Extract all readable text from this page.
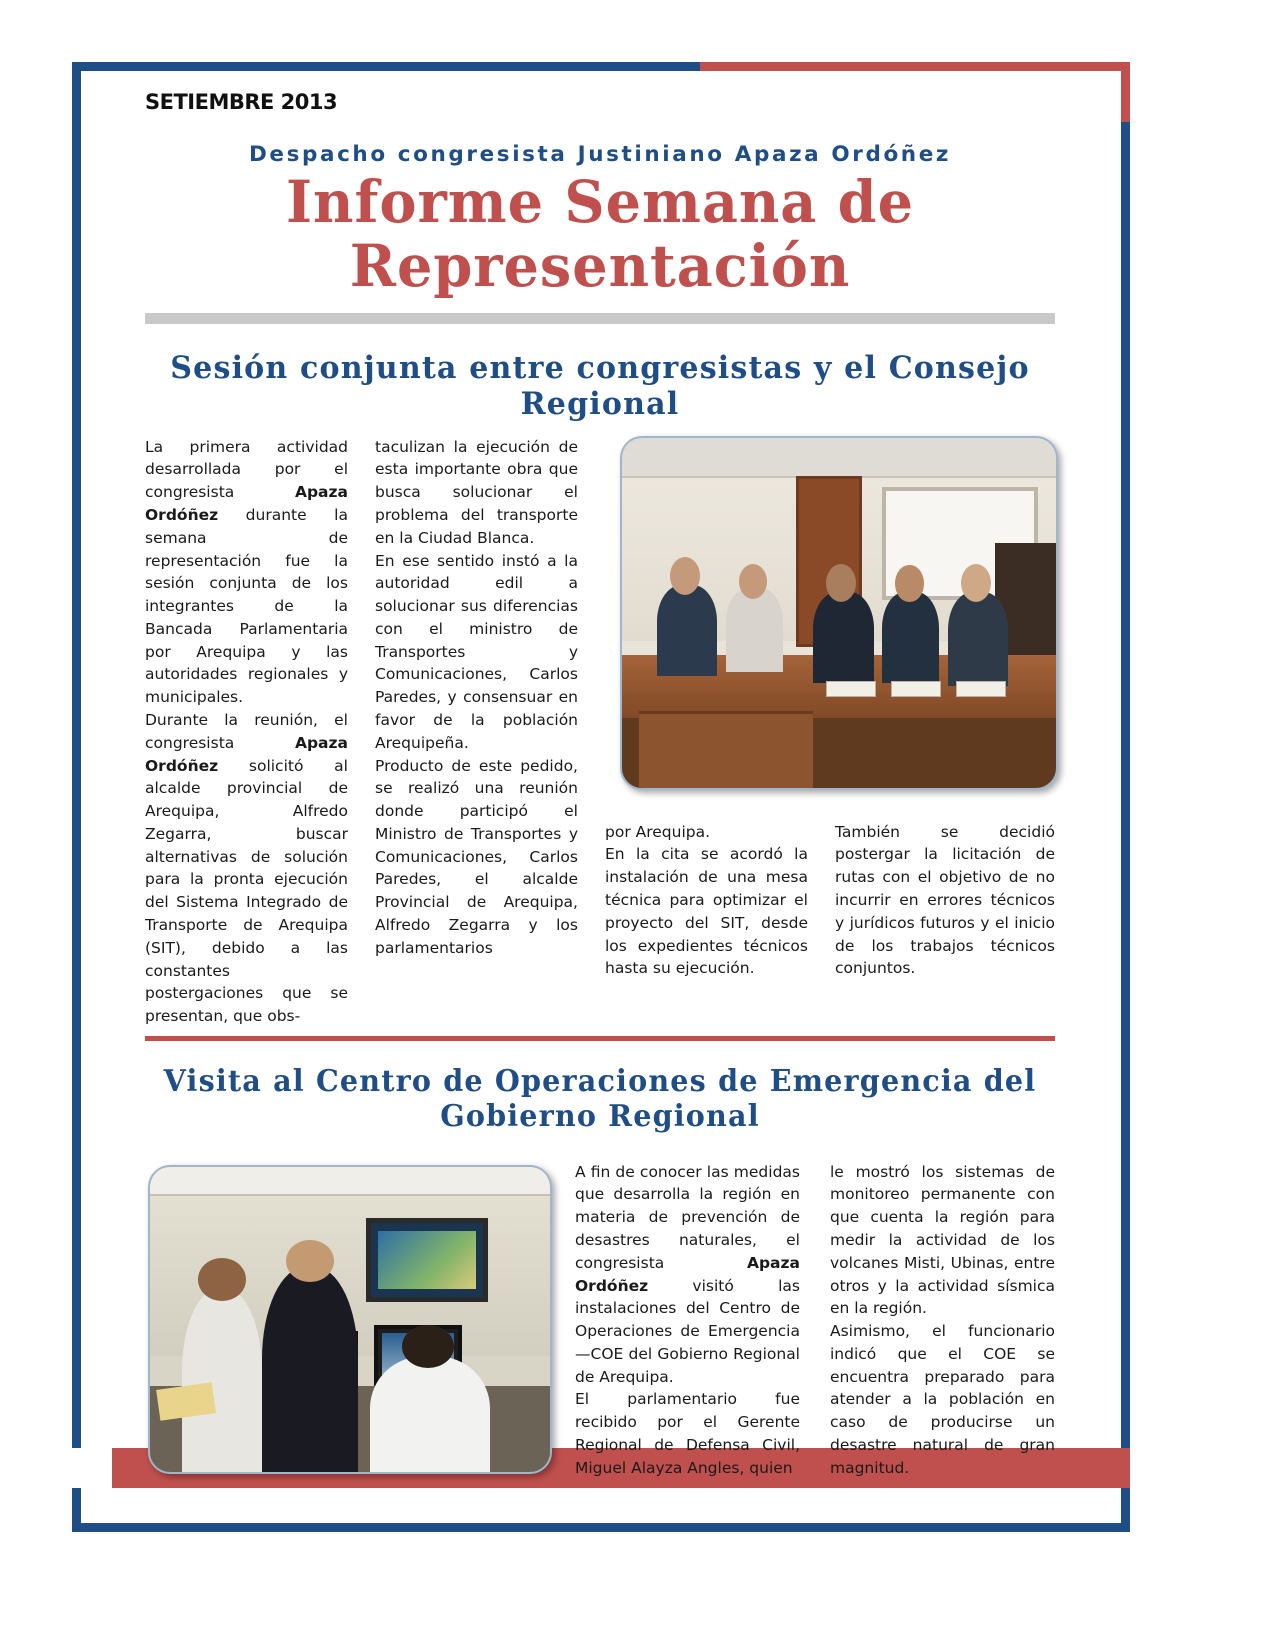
SETIEMBRE 2013
Despacho congresista Justiniano Apaza Ordóñez
Informe Semana de Representación
Sesión conjunta entre congresistas y el Consejo Regional

La primera actividad desarrollada por el congresista Apaza Ordóñez durante la semana de representación fue la sesión conjunta de los integrantes de la Bancada Parlamentaria por Arequipa y las autoridades regionales y municipales.

Durante la reunión, el congresista Apaza Ordóñez solicitó al alcalde provincial de Arequipa, Alfredo Zegarra, buscar alternativas de solución para la pronta ejecución del Sistema Integrado de Transporte de Arequipa (SIT), debido a las constantes postergaciones que se presentan, que obs-

taculizan la ejecución de esta importante obra que busca solucionar el problema del transporte en la Ciudad Blanca.

En ese sentido instó a la autoridad edil a solucionar sus diferencias con el ministro de Transportes y Comunicaciones, Carlos Paredes, y consensuar en favor de la población Arequipeña.

Producto de este pedido, se realizó una reunión donde participó el Ministro de Transportes y Comunicaciones, Carlos Paredes, el alcalde Provincial de Arequipa, Alfredo Zegarra y los parlamentarios

por Arequipa.

En la cita se acordó la instalación de una mesa técnica para optimizar el proyecto del SIT, desde los expedientes técnicos hasta su ejecución.

También se decidió postergar la licitación de rutas con el objetivo de no incurrir en errores técnicos y jurídicos futuros y el inicio de los trabajos técnicos conjuntos.
Visita al Centro de Operaciones de Emergencia del Gobierno Regional

A fin de conocer las medidas que desarrolla la región en materia de prevención de desastres naturales, el congresista Apaza Ordóñez visitó las instalaciones del Centro de Operaciones de Emergencia—COE del Gobierno Regional de Arequipa.

El parlamentario fue recibido por el Gerente Regional de Defensa Civil, Miguel Alayza Angles, quien

le mostró los sistemas de monitoreo permanente con que cuenta la región para medir la actividad de los volcanes Misti, Ubinas, entre otros y la actividad sísmica en la región.

Asimismo, el funcionario indicó que el COE se encuentra preparado para atender a la población en caso de producirse un desastre natural de gran magnitud.
